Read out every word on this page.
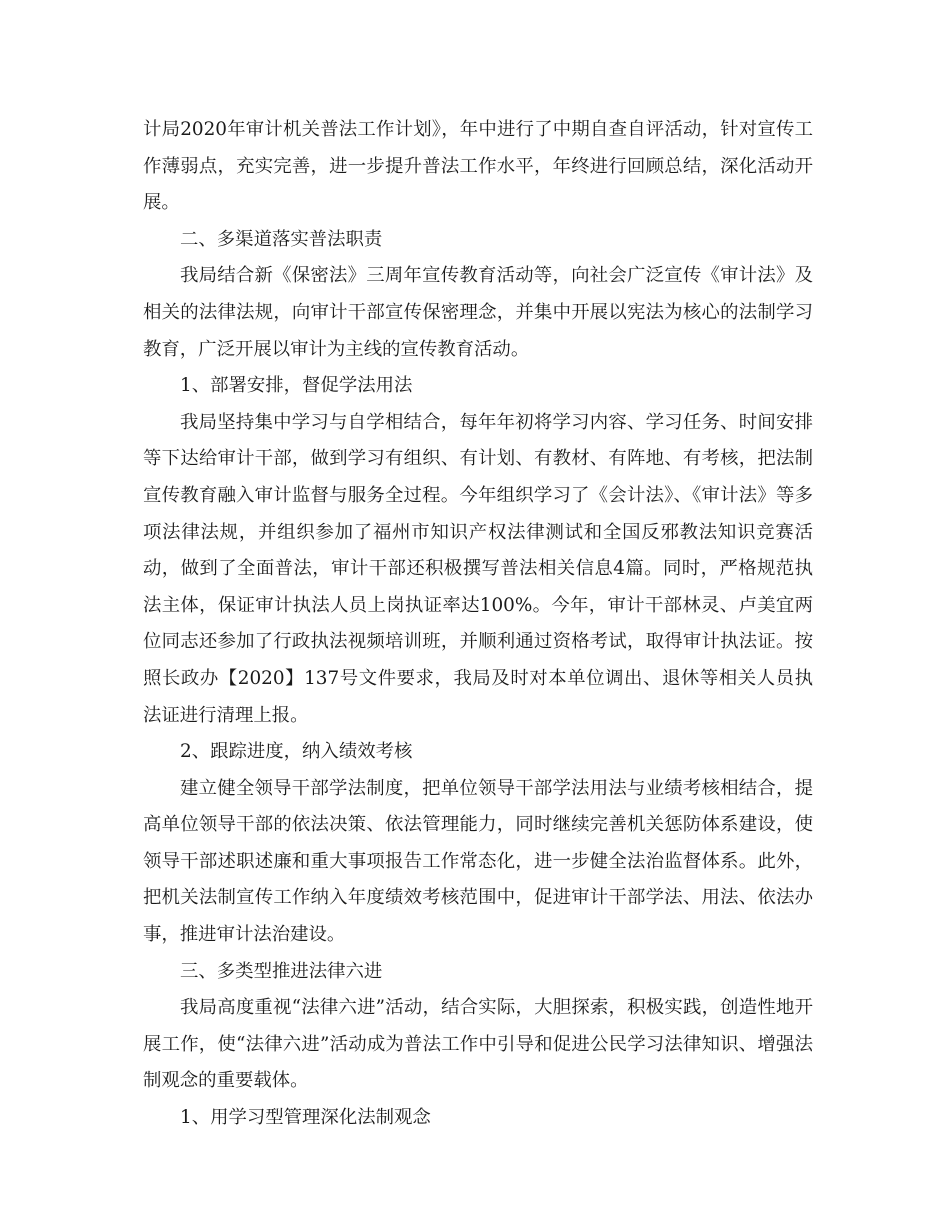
计局2020年审计机关普法工作计划》，年中进行了中期自查自评活动，针对宣传工作薄弱点，充实完善，进一步提升普法工作水平，年终进行回顾总结，深化活动开展。

二、多渠道落实普法职责

我局结合新《保密法》三周年宣传教育活动等，向社会广泛宣传《审计法》及相关的法律法规，向审计干部宣传保密理念，并集中开展以宪法为核心的法制学习教育，广泛开展以审计为主线的宣传教育活动。

1、部署安排，督促学法用法

我局坚持集中学习与自学相结合，每年年初将学习内容、学习任务、时间安排等下达给审计干部，做到学习有组织、有计划、有教材、有阵地、有考核，把法制宣传教育融入审计监督与服务全过程。今年组织学习了《会计法》、《审计法》等多项法律法规，并组织参加了福州市知识产权法律测试和全国反邪教法知识竞赛活动，做到了全面普法，审计干部还积极撰写普法相关信息4篇。同时，严格规范执法主体，保证审计执法人员上岗执证率达100%。今年，审计干部林灵、卢美宜两位同志还参加了行政执法视频培训班，并顺利通过资格考试，取得审计执法证。按照长政办【2020】137号文件要求，我局及时对本单位调出、退休等相关人员执法证进行清理上报。

2、跟踪进度，纳入绩效考核

建立健全领导干部学法制度，把单位领导干部学法用法与业绩考核相结合，提高单位领导干部的依法决策、依法管理能力，同时继续完善机关惩防体系建设，使领导干部述职述廉和重大事项报告工作常态化，进一步健全法治监督体系。此外，把机关法制宣传工作纳入年度绩效考核范围中，促进审计干部学法、用法、依法办事，推进审计法治建设。

三、多类型推进法律六进

我局高度重视“法律六进”活动，结合实际，大胆探索，积极实践，创造性地开展工作，使“法律六进”活动成为普法工作中引导和促进公民学习法律知识、增强法制观念的重要载体。

1、用学习型管理深化法制观念
